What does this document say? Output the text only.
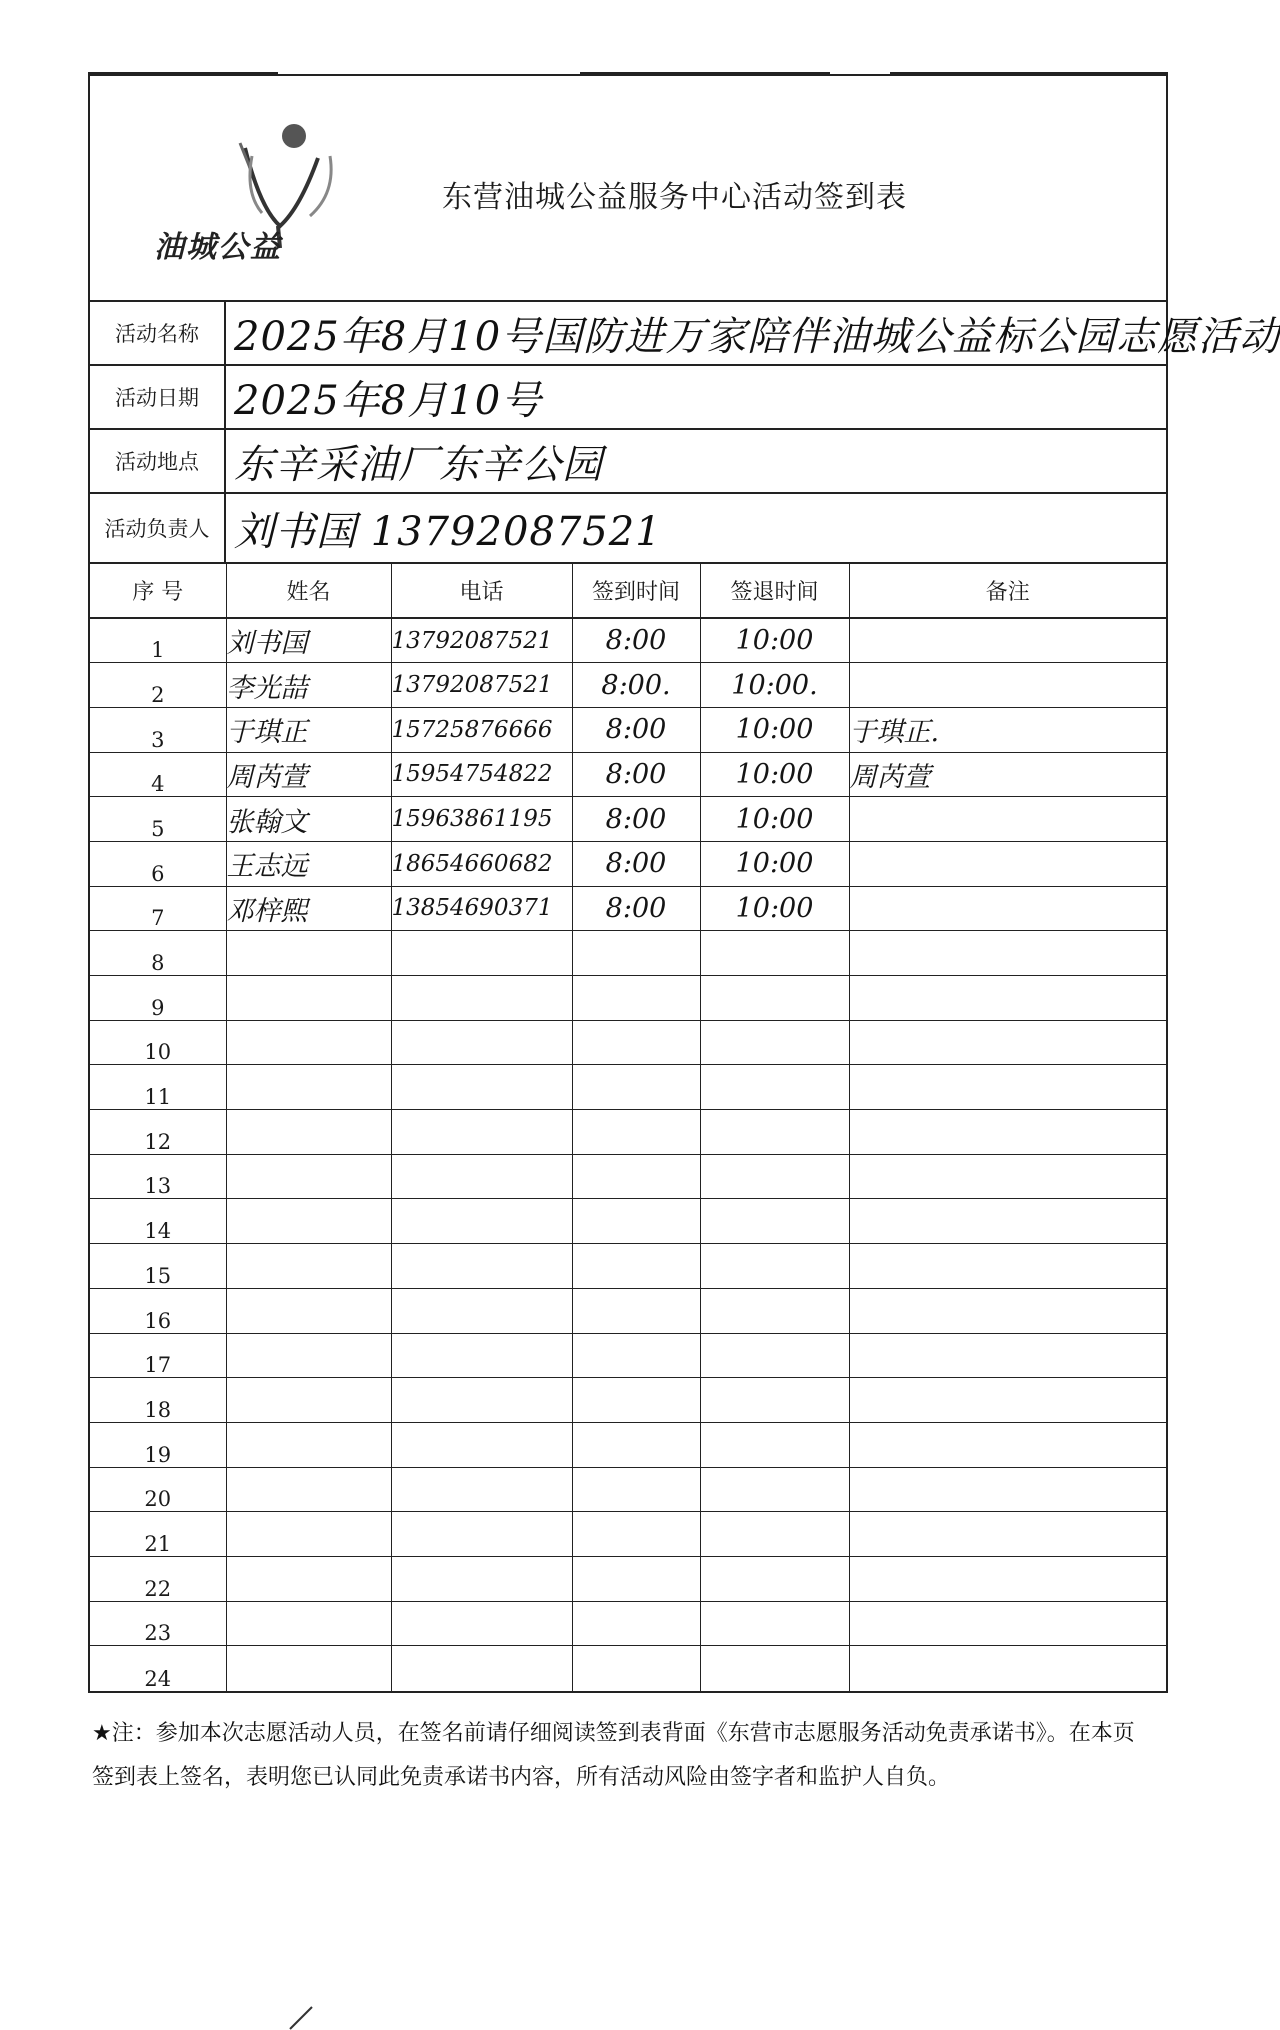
油城公益
东营油城公益服务中心活动签到表
活动名称 2025年8月10号国防进万家陪伴油城公益标公园志愿活动
活动日期 2025年8月10号
活动地点 东辛采油厂东辛公园
活动负责人 刘书国 13792087521
序 号	姓名	电话	签到时间	签退时间	备注
1	刘书国	13792087521	8:00	10:00	
2	李光喆	13792087521	8:00.	10:00.	
3	于琪正	15725876666	8:00	10:00	于琪正.
4	周芮萱	15954754822	8:00	10:00	周芮萱
5	张翰文	15963861195	8:00	10:00	
6	王志远	18654660682	8:00	10:00	
7	邓梓熙	13854690371	8:00	10:00	
8					
9					
10					
11					
12					
13					
14					
15					
16					
17					
18					
19					
20					
21					
22					
23					
24					
★注：参加本次志愿活动人员，在签名前请仔细阅读签到表背面《东营市志愿服务活动免责承诺书》。在本页签到表上签名，表明您已认同此免责承诺书内容，所有活动风险由签字者和监护人自负。
